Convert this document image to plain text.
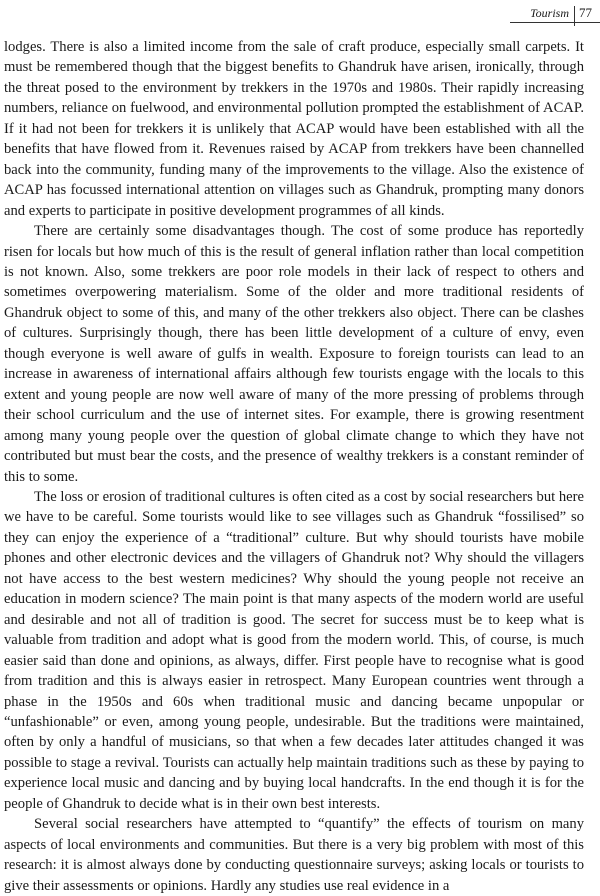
Tourism 77

lodges. There is also a limited income from the sale of craft produce, especially small carpets. It must be remembered though that the biggest benefits to Ghandruk have arisen, ironically, through the threat posed to the environment by trekkers in the 1970s and 1980s. Their rapidly increasing numbers, reliance on fuelwood, and environmental pollution prompted the establishment of ACAP. If it had not been for trekkers it is unlikely that ACAP would have been established with all the benefits that have flowed from it. Revenues raised by ACAP from trekkers have been channelled back into the community, funding many of the improvements to the village. Also the existence of ACAP has focussed international attention on villages such as Ghandruk, prompting many donors and experts to participate in positive development programmes of all kinds.

There are certainly some disadvantages though. The cost of some produce has reportedly risen for locals but how much of this is the result of general inflation rather than local competition is not known. Also, some trekkers are poor role models in their lack of respect to others and sometimes overpowering materialism. Some of the older and more traditional residents of Ghandruk object to some of this, and many of the other trekkers also object. There can be clashes of cultures. Surprisingly though, there has been little development of a culture of envy, even though everyone is well aware of gulfs in wealth. Exposure to foreign tourists can lead to an increase in awareness of international affairs although few tourists engage with the locals to this extent and young people are now well aware of many of the more pressing of problems through their school curriculum and the use of internet sites. For example, there is growing resentment among many young people over the question of global climate change to which they have not contributed but must bear the costs, and the presence of wealthy trekkers is a constant reminder of this to some.

The loss or erosion of traditional cultures is often cited as a cost by social researchers but here we have to be careful. Some tourists would like to see villages such as Ghandruk “fossilised” so they can enjoy the experience of a “traditional” culture. But why should tourists have mobile phones and other electronic devices and the villagers of Ghandruk not? Why should the villagers not have access to the best western medicines? Why should the young people not receive an education in modern science? The main point is that many aspects of the modern world are useful and desirable and not all of tradition is good. The secret for success must be to keep what is valuable from tradition and adopt what is good from the modern world. This, of course, is much easier said than done and opinions, as always, differ. First people have to recognise what is good from tradition and this is always easier in retrospect. Many European countries went through a phase in the 1950s and 60s when traditional music and dancing became unpopular or “unfashionable” or even, among young people, undesirable. But the traditions were maintained, often by only a handful of musicians, so that when a few decades later attitudes changed it was possible to stage a revival. Tourists can actually help maintain traditions such as these by paying to experience local music and dancing and by buying local handcrafts. In the end though it is for the people of Ghandruk to decide what is in their own best interests.

Several social researchers have attempted to “quantify” the effects of tourism on many aspects of local environments and communities. But there is a very big problem with most of this research: it is almost always done by conducting questionnaire surveys; asking locals or tourists to give their assessments or opinions. Hardly any studies use real evidence in a
